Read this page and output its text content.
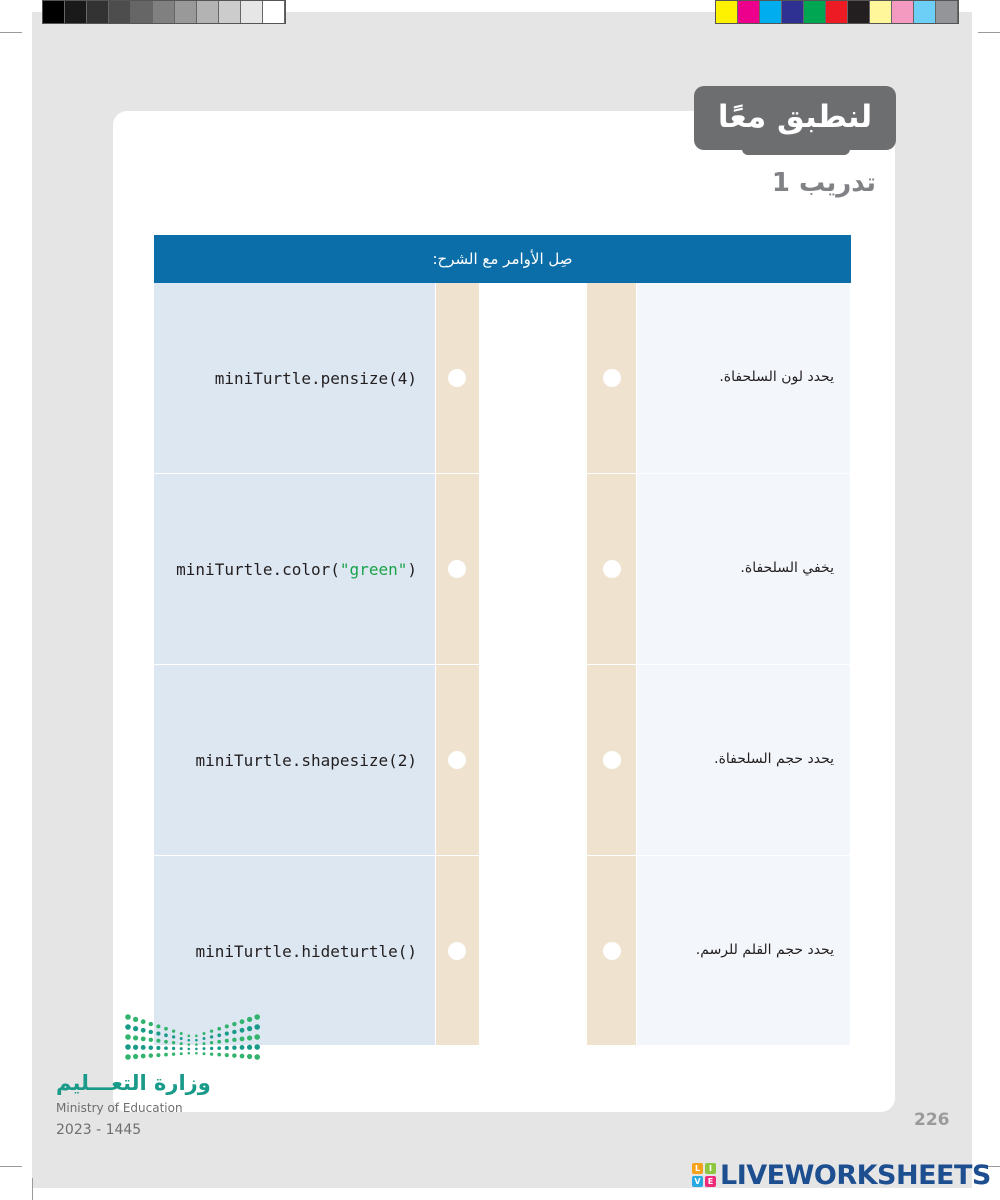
لنطبق معًا
تدريب 1
صِل الأوامر مع الشرح:
miniTurtle.pensize(4)	يحدد لون السلحفاة.
miniTurtle.color("green")	يخفي السلحفاة.
miniTurtle.shapesize(2)	يحدد حجم السلحفاة.
miniTurtle.hideturtle()	يحدد حجم القلم للرسم.
وزارة التعـــليم
Ministry of Education
2023 - 1445	226
L	I
V E LIVEWORKSHEETS
